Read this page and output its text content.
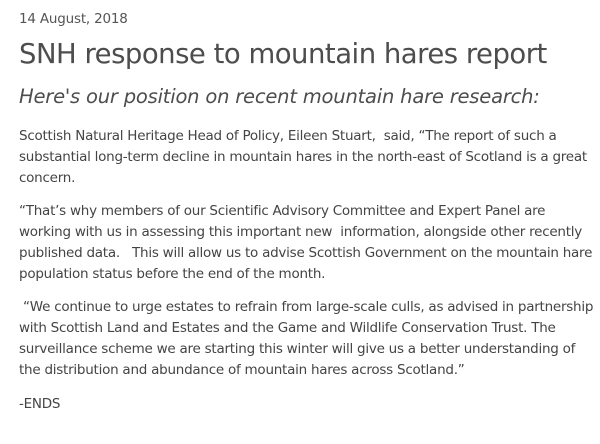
14 August, 2018

SNH response to mountain hares report
Here's our position on recent mountain hare research:

Scottish Natural Heritage Head of Policy, Eileen Stuart,  said, “The report of such a
substantial long-term decline in mountain hares in the north-east of Scotland is a great
concern.

“That’s why members of our Scientific Advisory Committee and Expert Panel are
working with us in assessing this important new  information, alongside other recently
published data.   This will allow us to advise Scottish Government on the mountain hare
population status before the end of the month.

“We continue to urge estates to refrain from large-scale culls, as advised in partnership
with Scottish Land and Estates and the Game and Wildlife Conservation Trust. The
surveillance scheme we are starting this winter will give us a better understanding of
the distribution and abundance of mountain hares across Scotland.”

-ENDS
